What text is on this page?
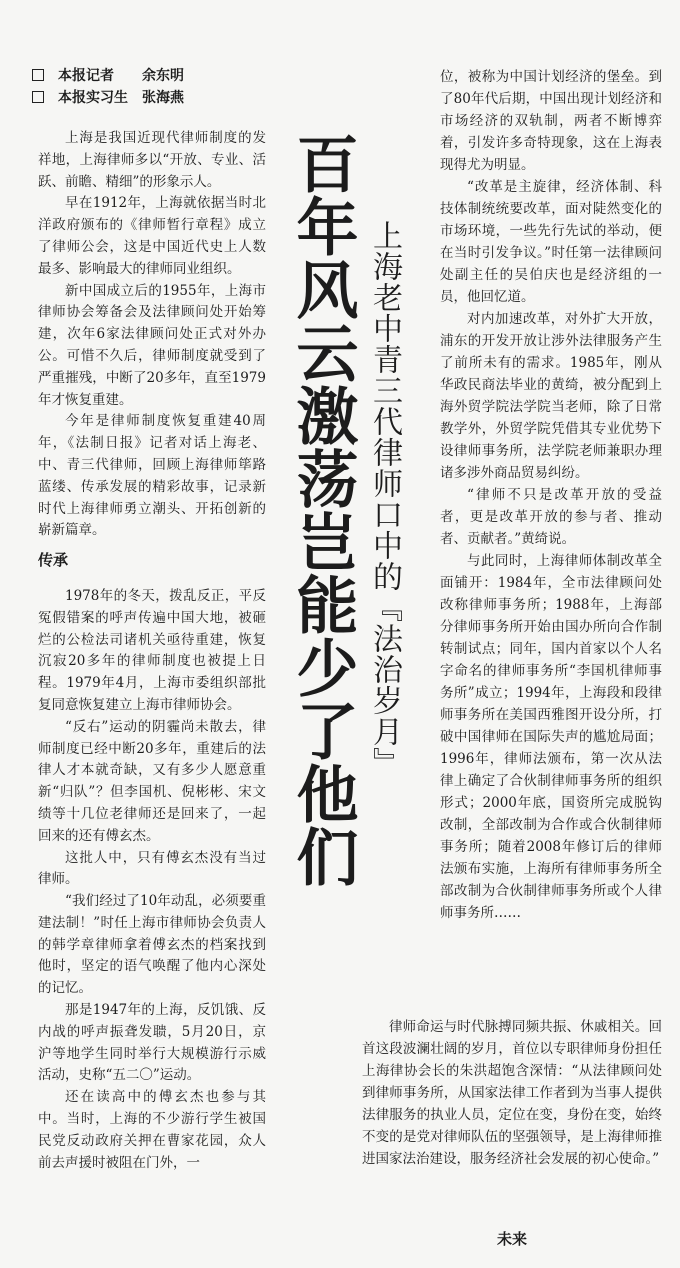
本报记者	余东明
本报实习生	张海燕

上海是我国近现代律师制度的发祥地，上海律师多以“开放、专业、活跃、前瞻、精细”的形象示人。

早在1912年，上海就依据当时北洋政府颁布的《律师暂行章程》成立了律师公会，这是中国近代史上人数最多、影响最大的律师同业组织。

新中国成立后的1955年，上海市律师协会筹备会及法律顾问处开始筹建，次年6家法律顾问处正式对外办公。可惜不久后，律师制度就受到了严重摧残，中断了20多年，直至1979年才恢复重建。

今年是律师制度恢复重建40周年，《法制日报》记者对话上海老、中、青三代律师，回顾上海律师筚路蓝缕、传承发展的精彩故事，记录新时代上海律师勇立潮头、开拓创新的崭新篇章。

传承

1978年的冬天，拨乱反正，平反冤假错案的呼声传遍中国大地，被砸烂的公检法司诸机关亟待重建，恢复沉寂20多年的律师制度也被提上日程。1979年4月，上海市委组织部批复同意恢复建立上海市律师协会。

“反右”运动的阴霾尚未散去，律师制度已经中断20多年，重建后的法律人才本就奇缺，又有多少人愿意重新“归队”？但李国机、倪彬彬、宋文绩等十几位老律师还是回来了，一起回来的还有傅玄杰。

这批人中，只有傅玄杰没有当过律师。

“我们经过了10年动乱，必须要重建法制！”时任上海市律师协会负责人的韩学章律师拿着傅玄杰的档案找到他时，坚定的语气唤醒了他内心深处的记忆。

那是1947年的上海，反饥饿、反内战的呼声振聋发聩，5月20日，京沪等地学生同时举行大规模游行示威活动，史称“五二〇”运动。

还在读高中的傅玄杰也参与其中。当时，上海的不少游行学生被国民党反动政府关押在曹家花园，众人前去声援时被阻在门外，一

百年风云激荡岂能少了他们 上海老中青三代律师口中的『法治岁月』

位，被称为中国计划经济的堡垒。到了80年代后期，中国出现计划经济和市场经济的双轨制，两者不断博弈着，引发许多奇特现象，这在上海表现得尤为明显。

“改革是主旋律，经济体制、科技体制统统要改革，面对陡然变化的市场环境，一些先行先试的举动，便在当时引发争议。”时任第一法律顾问处副主任的吴伯庆也是经济组的一员，他回忆道。

对内加速改革，对外扩大开放，浦东的开发开放让涉外法律服务产生了前所未有的需求。1985年，刚从华政民商法毕业的黄绮，被分配到上海外贸学院法学院当老师，除了日常教学外，外贸学院凭借其专业优势下设律师事务所，法学院老师兼职办理诸多涉外商品贸易纠纷。

“律师不只是改革开放的受益者，更是改革开放的参与者、推动者、贡献者。”黄绮说。

与此同时，上海律师体制改革全面铺开：1984年，全市法律顾问处改称律师事务所；1988年，上海部分律师事务所开始由国办所向合作制转制试点；同年，国内首家以个人名字命名的律师事务所“李国机律师事务所”成立；1994年，上海段和段律师事务所在美国西雅图开设分所，打破中国律师在国际失声的尴尬局面；1996年，律师法颁布，第一次从法律上确定了合伙制律师事务所的组织形式；2000年底，国资所完成脱钩改制，全部改制为合作或合伙制律师事务所；随着2008年修订后的律师法颁布实施，上海所有律师事务所全部改制为合伙制律师事务所或个人律师事务所……

律师命运与时代脉搏同频共振、休戚相关。回首这段波澜壮阔的岁月，首位以专职律师身份担任上海律协会长的朱洪超饱含深情：“从法律顾问处到律师事务所，从国家法律工作者到为当事人提供法律服务的执业人员，定位在变，身份在变，始终不变的是党对律师队伍的坚强领导，是上海律师推进国家法治建设，服务经济社会发展的初心使命。”

未来
